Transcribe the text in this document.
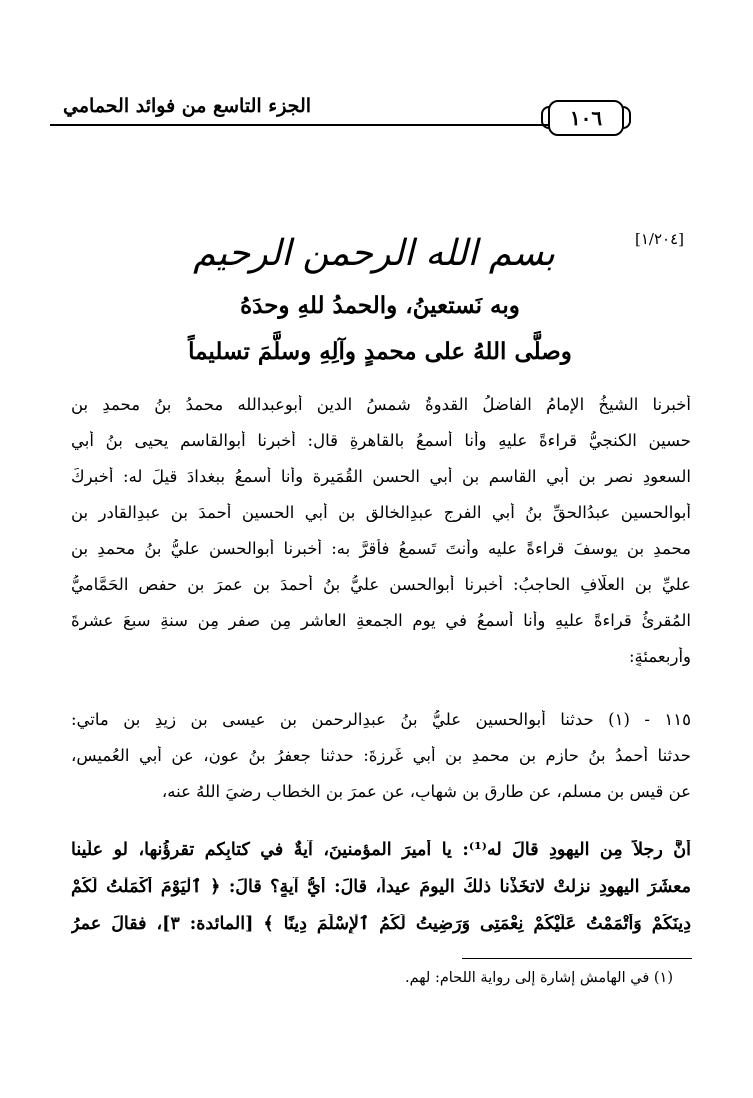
الجزء التاسع من فوائد الحمامي	١٠٦
[١/٢٠٤]
بسم الله الرحمن الرحيم
وبه نَستعينُ، والحمدُ للهِ وحدَهُ
وصلَّى اللهُ على محمدٍ وآلِهِ وسلَّمَ تسليماً
أخبرنا الشيخُ الإمامُ الفاضلُ القدوةُ شمسُ الدينِ أبوعبدالله محمدُ بنُ محمدِ بنِ
حسينٍ الكنجيُّ قراءةً عليهِ وأنا أسمعُ بالقاهرةِ قال: أخبرنا أبوالقاسمِ يحيى بنُ أبي
السعودِ نصرِ بنِ أبي القاسمِ بنِ أبي الحسنِ القُمَيرة وأنا أسمعُ ببغدادَ قيلَ له: أخبركَ
أبوالحسينِ عبدُالحقِّ بنُ أبي الفرجِ عبدِالخالقِ بنِ أبي الحسينِ أحمدَ بنِ عبدِالقادرِ بنِ
محمدِ بنِ يوسفَ قراءةً عليه وأنتَ تَسمعُ فأقرَّ به: أخبرنا أبوالحسنِ عليُّ بنُ محمدِ بنِ
عليِّ بنِ العلَّافِ الحاجبُ: أخبرنا أبوالحسنِ عليُّ بنُ أحمدَ بنِ عمرَ بنِ حفصٍ الحَمَّاميُّ
المُقرئُ قراءةً عليهِ وأنا أسمعُ في يومِ الجمعةِ العاشرِ مِن صفرٍ مِن سنةِ سبعَ عشرةَ
وأربعمئةٍ:
١١٥ - (١) حدثنا أبوالحسينِ عليُّ بنُ عبدِالرحمنِ بنِ عيسى بنِ زيدِ بنِ ماتي:
حدثنا أحمدُ بنُ حازمِ بنِ محمدِ بنِ أبي غَرزةَ: حدثنا جعفرُ بنُ عونٍ، عن أبي العُميسِ،
عن قيسِ بنِ مسلمٍ، عن طارقِ بنِ شهابٍ، عن عمرَ بنِ الخطابِ رضيَ اللهُ عنه،
أنَّ رجلاً مِن اليهودِ قالَ له⁽¹⁾: يا أميرَ المؤمنينَ، آيةٌ في كتابِكم تقرؤُنها، لو علَينا
معشَرَ اليهودِ نزلتْ لاتخَذْنا ذلكَ اليومَ عيداً، قالَ: أيُّ آيةٍ؟ قالَ: ﴿ ٱلْيَوْمَ أَكْمَلْتُ لَكُمْ
دِينَكُمْ وَأَتْمَمْتُ عَلَيْكُمْ نِعْمَتِى وَرَضِيتُ لَكُمُ ٱلْإِسْلَٰمَ دِينًا ﴾ [المائدة: ٣]، فقالَ عمرُ
(١) في الهامش إشارة إلى رواية اللحام: لهم.
